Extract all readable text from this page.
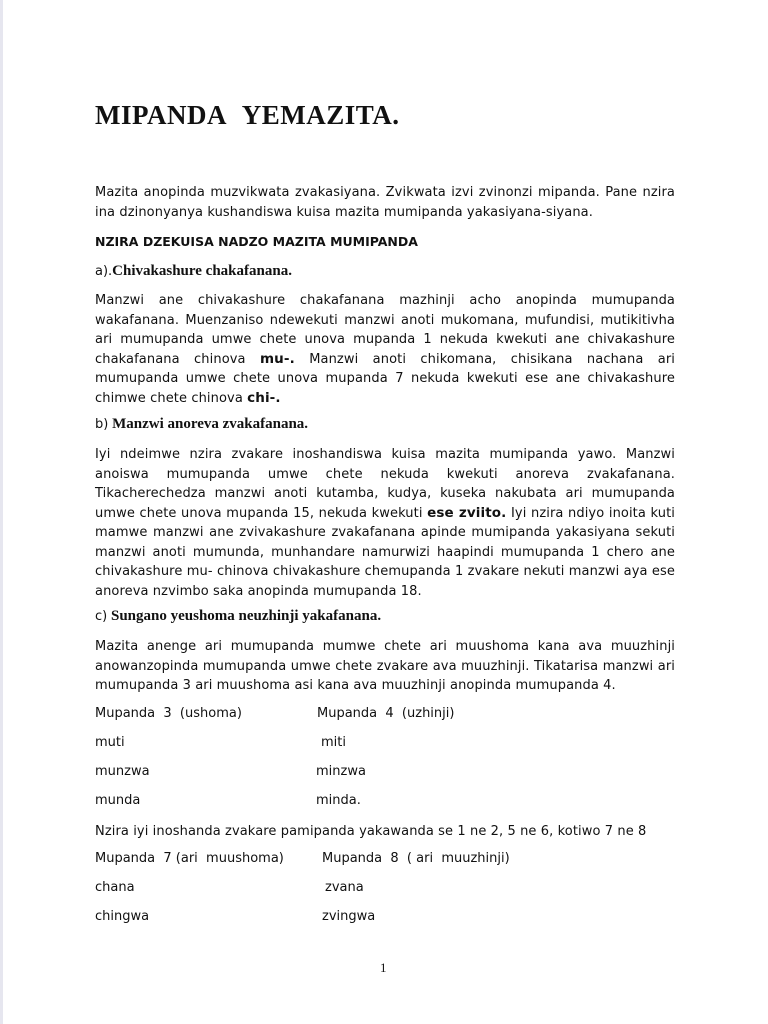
MIPANDA YEMAZITA.

Mazita anopinda muzvikwata zvakasiyana. Zvikwata izvi zvinonzi mipanda. Pane nzira ina dzinonyanya kushandiswa kuisa mazita mumipanda yakasiyana-siyana.

NZIRA DZEKUISA NADZO MAZITA MUMIPANDA

a).Chivakashure chakafanana.

Manzwi ane chivakashure chakafanana mazhinji acho anopinda mumupanda wakafanana. Muenzaniso ndewekuti manzwi anoti mukomana, mufundisi, mutikitivha ari mumupanda umwe chete unova mupanda 1 nekuda kwekuti ane chivakashure chakafanana chinova mu-. Manzwi anoti chikomana, chisikana nachana ari mumupanda umwe chete unova mupanda 7 nekuda kwekuti ese ane chivakashure chimwe chete chinova chi-.

b) Manzwi anoreva zvakafanana.

Iyi ndeimwe nzira zvakare inoshandiswa kuisa mazita mumipanda yawo. Manzwi anoiswa mumupanda umwe chete nekuda kwekuti anoreva zvakafanana. Tikacherechedza manzwi anoti kutamba, kudya, kuseka nakubata ari mumupanda umwe chete unova mupanda 15, nekuda kwekuti ese zviito. Iyi nzira ndiyo inoita kuti mamwe manzwi ane zvivakashure zvakafanana apinde mumipanda yakasiyana sekuti manzwi anoti mumunda, munhandare namurwizi haapindi mumupanda 1 chero ane chivakashure mu- chinova chivakashure chemupanda 1 zvakare nekuti manzwi aya ese anoreva nzvimbo saka anopinda mumupanda 18.

c) Sungano yeushoma neuzhinji yakafanana.

Mazita anenge ari mumupanda mumwe chete ari muushoma kana ava muuzhinji anowanzopinda mumupanda umwe chete zvakare ava muuzhinji. Tikatarisa manzwi ari mumupanda 3 ari muushoma asi kana ava muuzhinji anopinda mumupanda 4.

Mupanda  3  (ushoma)	Mupanda  4  (uzhinji)
muti	miti
munzwa	minzwa
munda	minda.

Nzira iyi inoshanda zvakare pamipanda yakawanda se 1 ne 2, 5 ne 6, kotiwo 7 ne 8

Mupanda  7 (ari  muushoma)	Mupanda  8  ( ari  muuzhinji)
chana	zvana
chingwa	zvingwa
1
